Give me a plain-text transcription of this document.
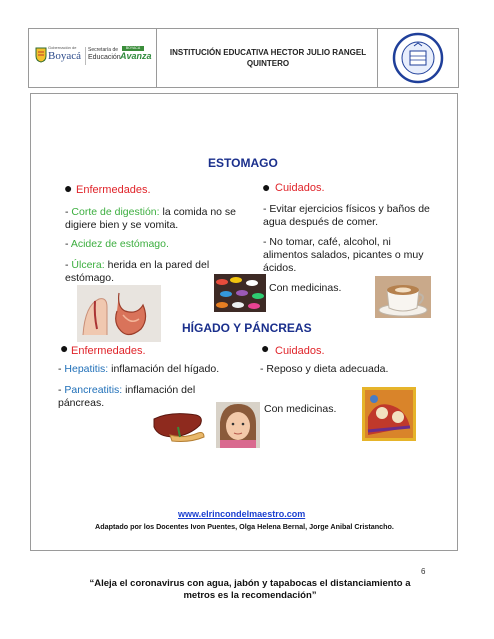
Gobernación de
Boyacá Secretaría de
Educación
BOYACÁ
Avanza INSTITUCIÓN EDUCATIVA HECTOR JULIO RANGEL
QUINTERO
ESTOMAGO
● Enfermedades.
- Corte de digestión: la comida no se digiere bien y se vomita.
- Acidez de estómago.
- Úlcera: herida en la pared del estómago.
● Cuidados.
- Evitar ejercicios físicos y baños de agua después de comer.
- No tomar, café, alcohol, ni alimentos salados, picantes o muy ácidos.
Con medicinas.
HÍGADO Y PÁNCREAS
● Enfermedades.
- Hepatitis: inflamación del hígado.
- Pancreatitis: inflamación del páncreas.
● Cuidados.
- Reposo y dieta adecuada.
Con medicinas.
www.elrincondelmaestro.com
Adaptado por los Docentes Ivon Puentes, Olga Helena Bernal, Jorge Anibal Cristancho.
6
“Aleja el coronavirus con agua, jabón y tapabocas el distanciamiento a
metros es la recomendación”
